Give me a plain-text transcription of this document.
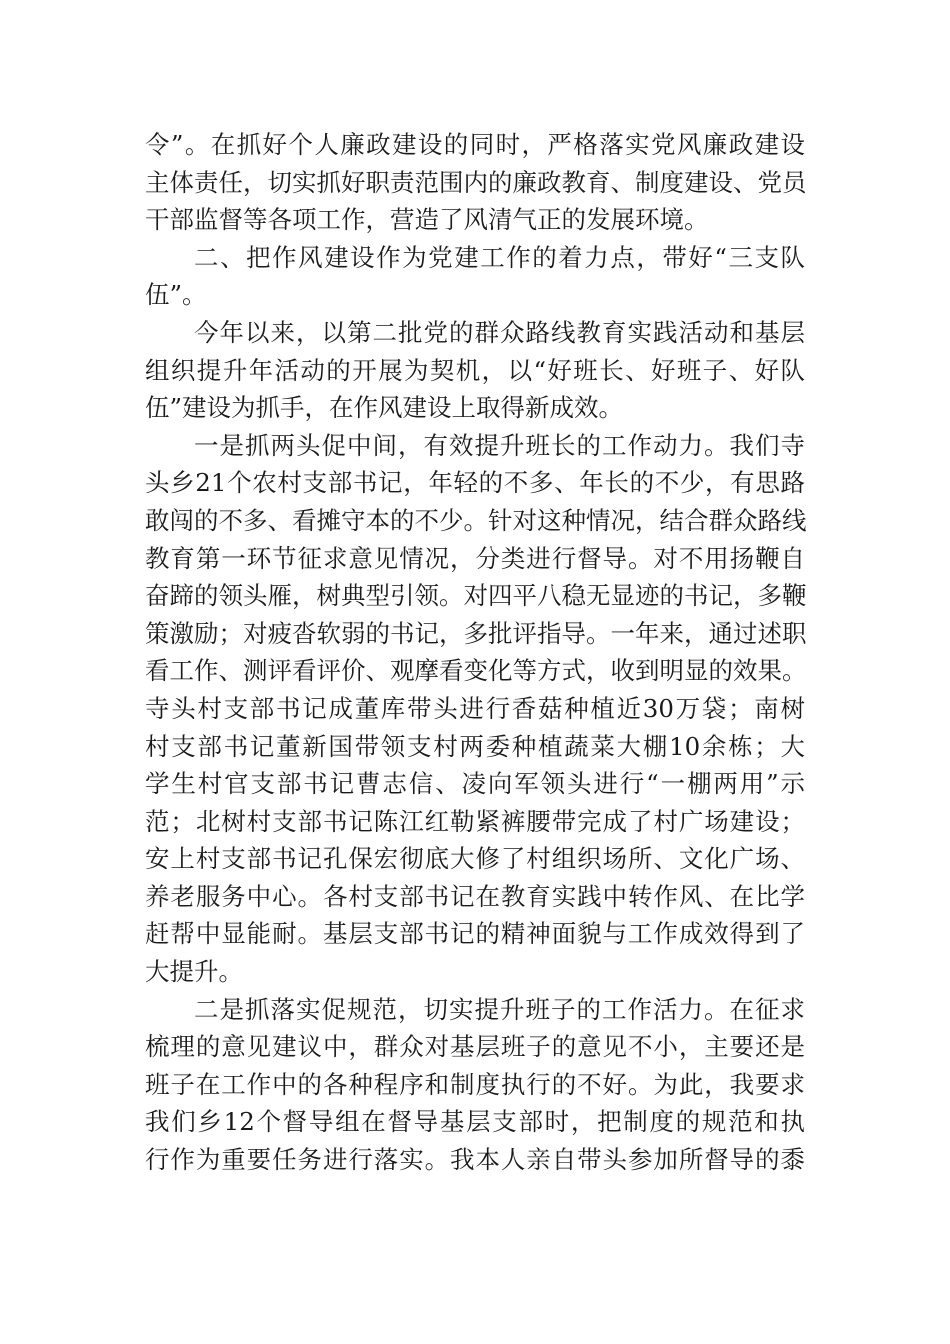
令”。在抓好个人廉政建设的同时，严格落实党风廉政建设
主体责任，切实抓好职责范围内的廉政教育、制度建设、党员
干部监督等各项工作，营造了风清气正的发展环境。
二、把作风建设作为党建工作的着力点，带好“三支队
伍”。
今年以来，以第二批党的群众路线教育实践活动和基层
组织提升年活动的开展为契机，以“好班长、好班子、好队
伍”建设为抓手，在作风建设上取得新成效。
一是抓两头促中间，有效提升班长的工作动力。我们寺
头乡21个农村支部书记，年轻的不多、年长的不少，有思路
敢闯的不多、看摊守本的不少。针对这种情况，结合群众路线
教育第一环节征求意见情况，分类进行督导。对不用扬鞭自
奋蹄的领头雁，树典型引领。对四平八稳无显迹的书记，多鞭
策激励；对疲沓软弱的书记，多批评指导。一年来，通过述职
看工作、测评看评价、观摩看变化等方式，收到明显的效果。
寺头村支部书记成董库带头进行香菇种植近30万袋；南树
村支部书记董新国带领支村两委种植蔬菜大棚10余栋；大
学生村官支部书记曹志信、凌向军领头进行“一棚两用”示
范；北树村支部书记陈江红勒紧裤腰带完成了村广场建设；
安上村支部书记孔保宏彻底大修了村组织场所、文化广场、
养老服务中心。各村支部书记在教育实践中转作风、在比学
赶帮中显能耐。基层支部书记的精神面貌与工作成效得到了
大提升。
二是抓落实促规范，切实提升班子的工作活力。在征求
梳理的意见建议中，群众对基层班子的意见不小，主要还是
班子在工作中的各种程序和制度执行的不好。为此，我要求
我们乡12个督导组在督导基层支部时，把制度的规范和执
行作为重要任务进行落实。我本人亲自带头参加所督导的黍
